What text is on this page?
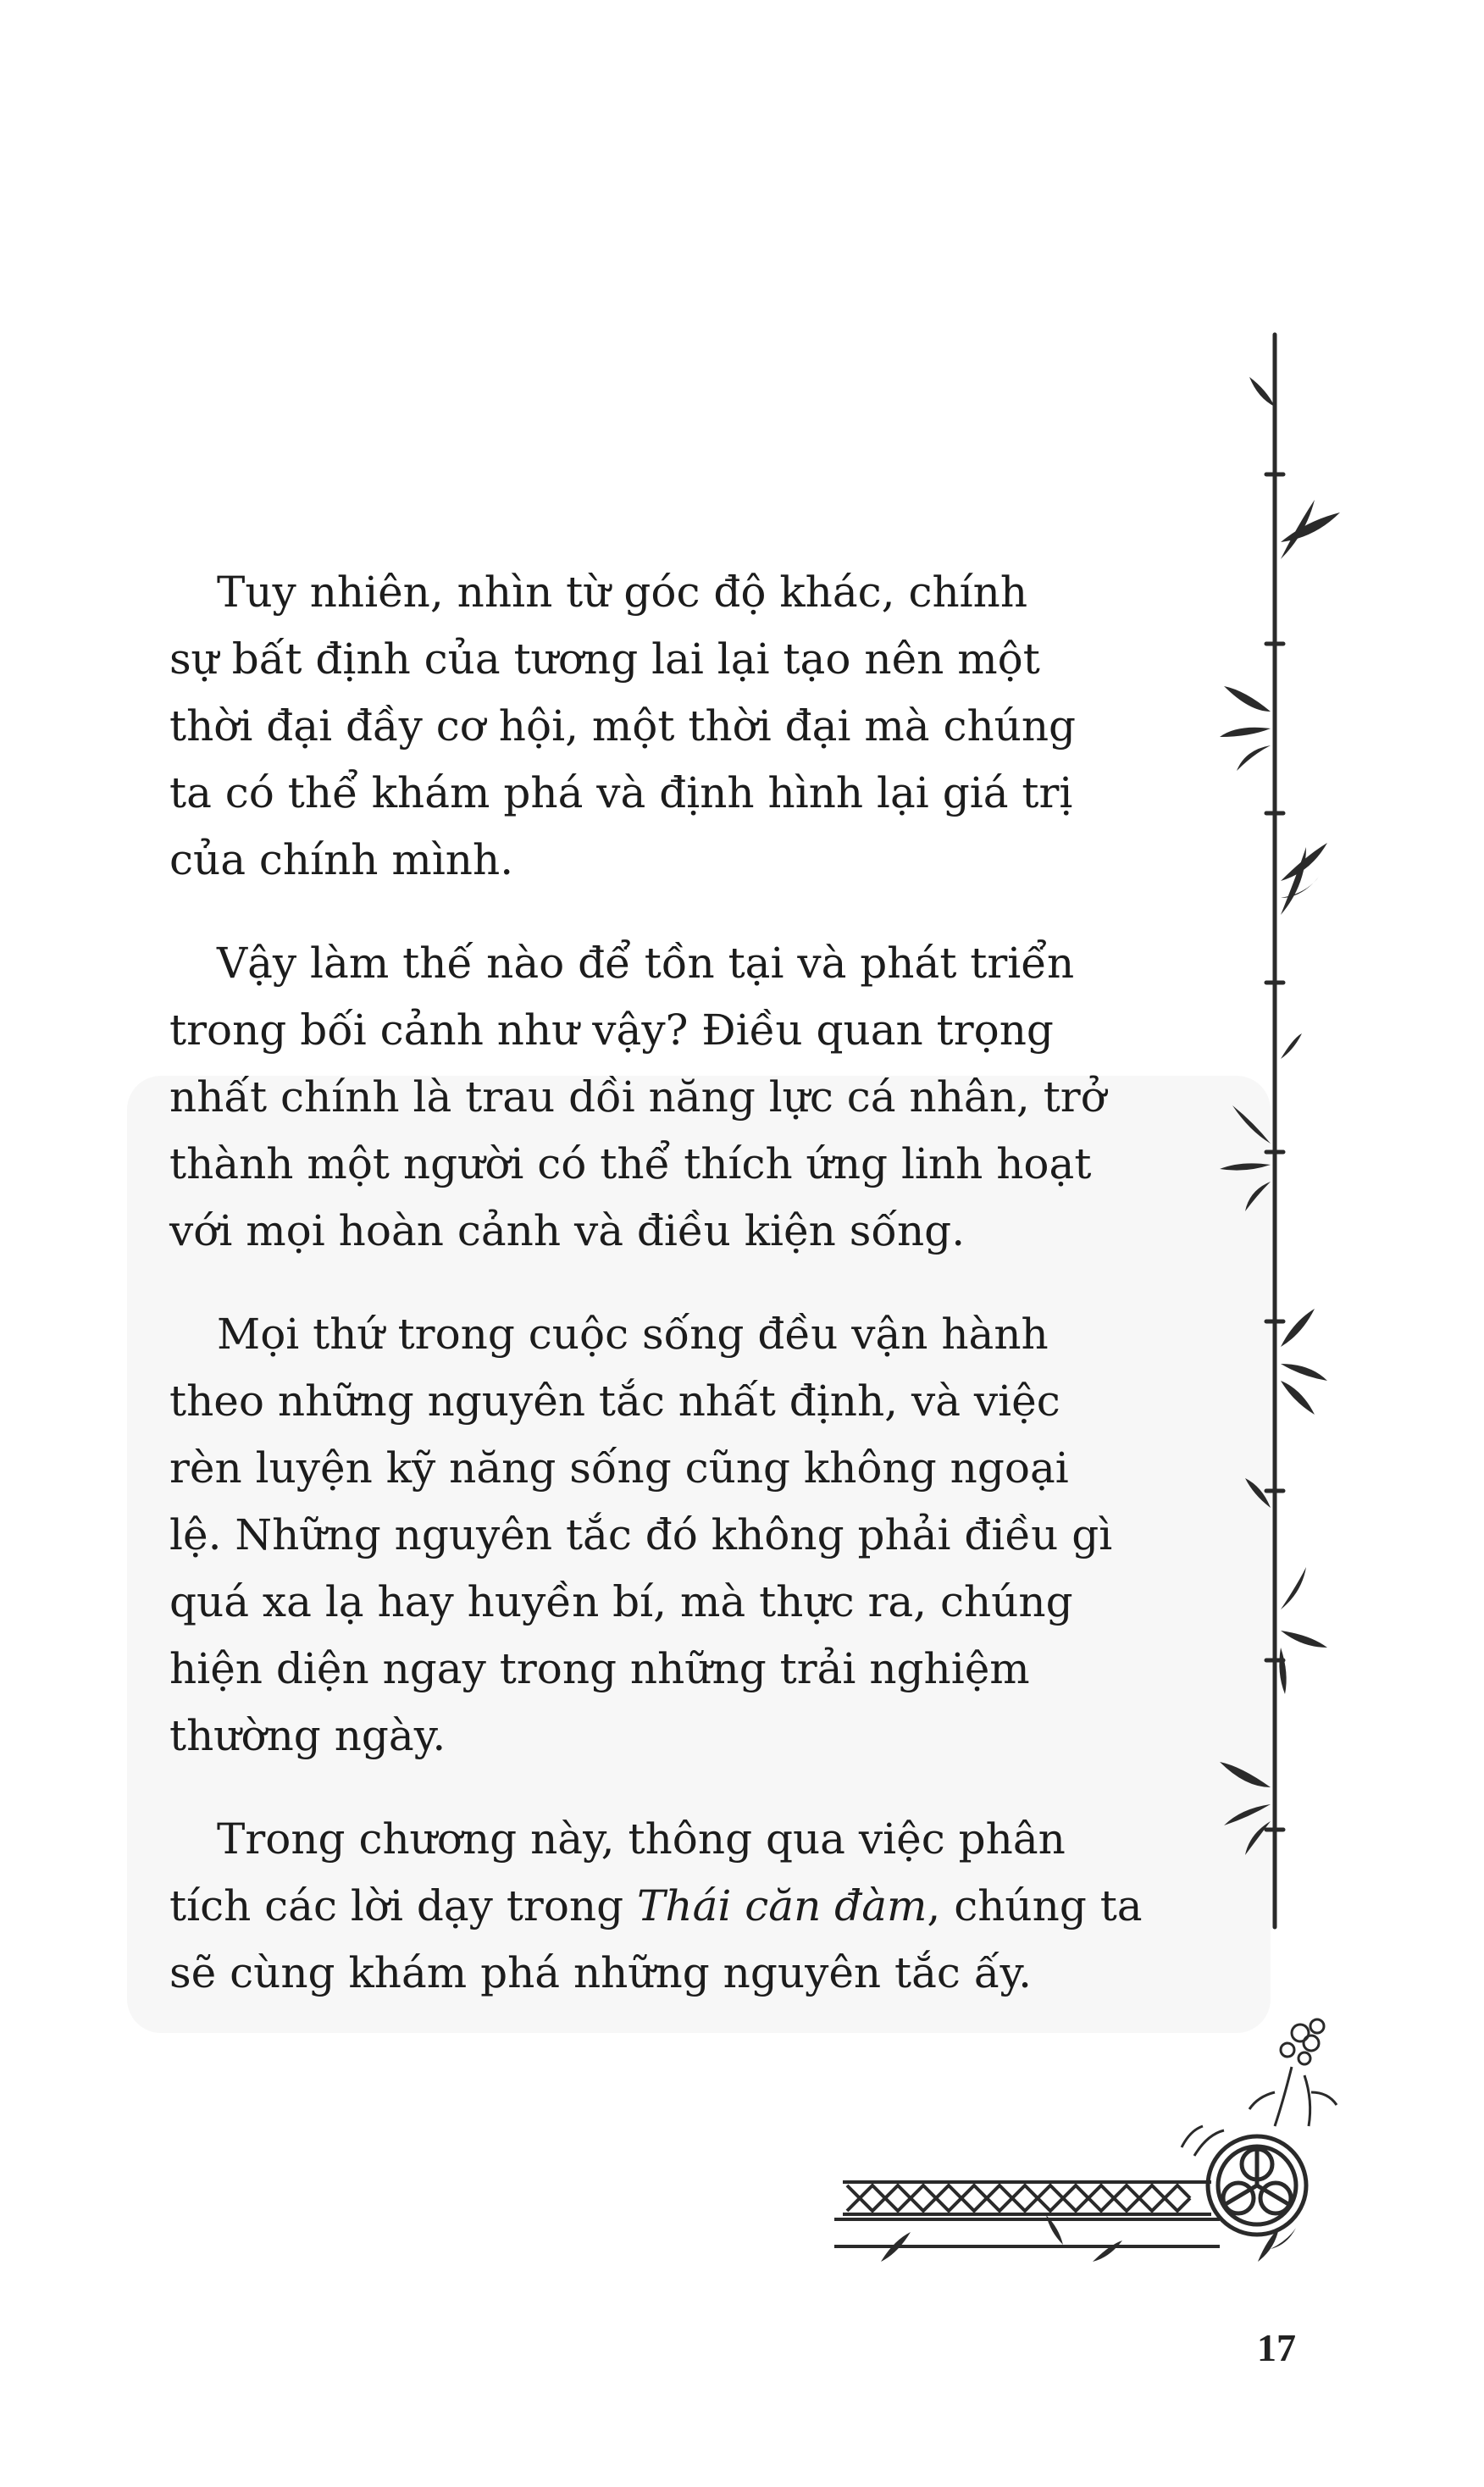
Tuy nhiên, nhìn từ góc độ khác, chính
sự bất định của tương lai lại tạo nên một
thời đại đầy cơ hội, một thời đại mà chúng
ta có thể khám phá và định hình lại giá trị
của chính mình.

Vậy làm thế nào để tồn tại và phát triển
trong bối cảnh như vậy? Điều quan trọng
nhất chính là trau dồi năng lực cá nhân, trở
thành một người có thể thích ứng linh hoạt
với mọi hoàn cảnh và điều kiện sống.

Mọi thứ trong cuộc sống đều vận hành
theo những nguyên tắc nhất định, và việc
rèn luyện kỹ năng sống cũng không ngoại
lệ. Những nguyên tắc đó không phải điều gì
quá xa lạ hay huyền bí, mà thực ra, chúng
hiện diện ngay trong những trải nghiệm
thường ngày.

Trong chương này, thông qua việc phân
tích các lời dạy trong Thái căn đàm, chúng ta
sẽ cùng khám phá những nguyên tắc ấy.

17
